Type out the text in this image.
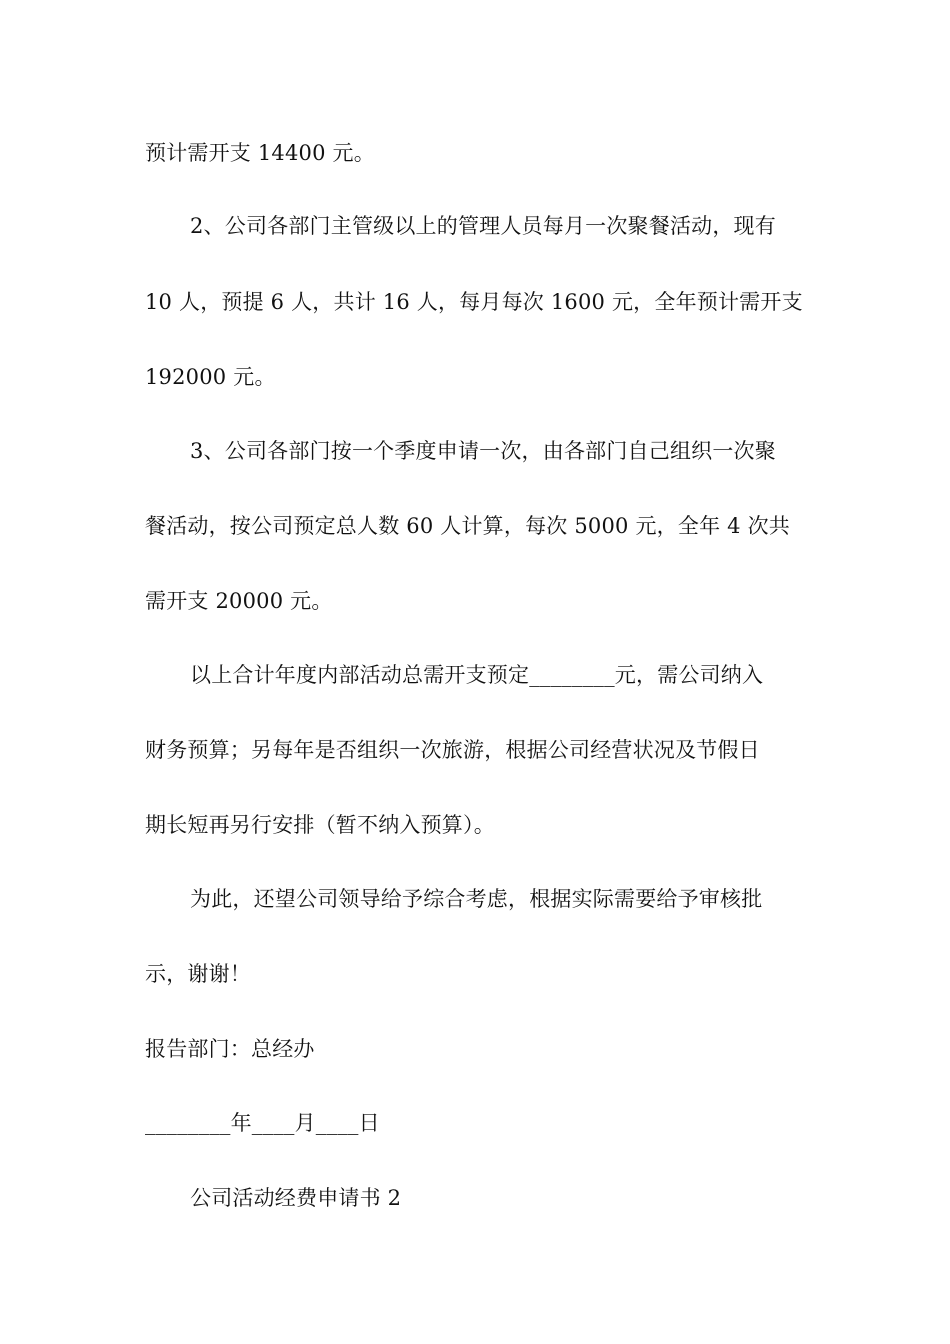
预计需开支 14400 元。
2、公司各部门主管级以上的管理人员每月一次聚餐活动，现有
10 人，预提 6 人，共计 16 人，每月每次 1600 元，全年预计需开支
192000 元。
3、公司各部门按一个季度申请一次，由各部门自己组织一次聚
餐活动，按公司预定总人数 60 人计算，每次 5000 元，全年 4 次共
需开支 20000 元。
以上合计年度内部活动总需开支预定________元，需公司纳入
财务预算；另每年是否组织一次旅游，根据公司经营状况及节假日
期长短再另行安排（暂不纳入预算）。
为此，还望公司领导给予综合考虑，根据实际需要给予审核批
示，谢谢！
报告部门：总经办
________年____月____日
公司活动经费申请书 2
